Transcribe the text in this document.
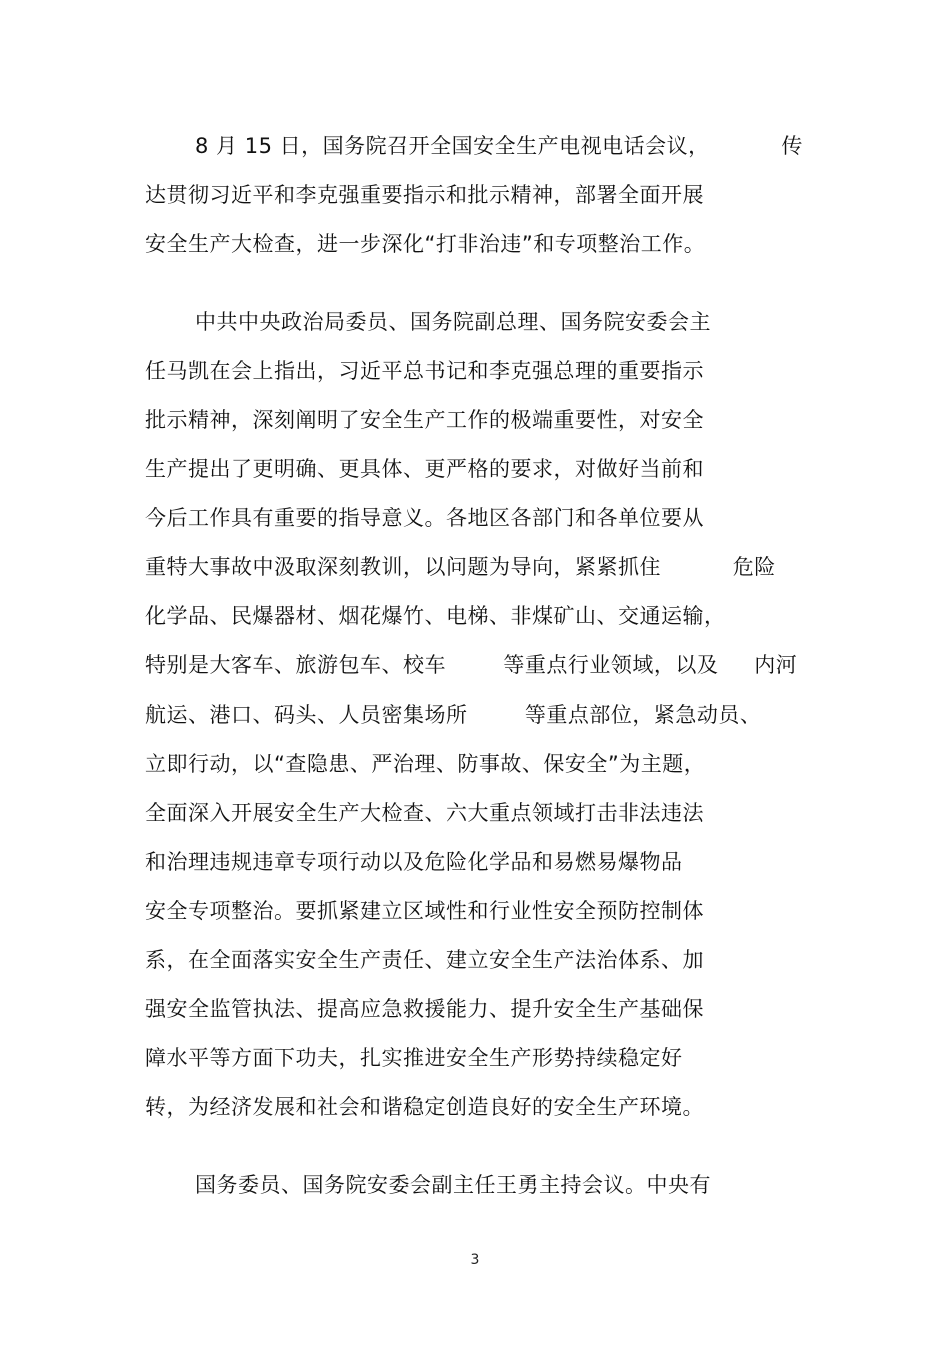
8 月 15 日，国务院召开全国安全生产电视电话会议，          传
达贯彻习近平和李克强重要指示和批示精神，部署全面开展
安全生产大检查，进一步深化“打非治违”和专项整治工作。
中共中央政治局委员、国务院副总理、国务院安委会主
任马凯在会上指出，习近平总书记和李克强总理的重要指示
批示精神，深刻阐明了安全生产工作的极端重要性，对安全
生产提出了更明确、更具体、更严格的要求，对做好当前和
今后工作具有重要的指导意义。各地区各部门和各单位要从
重特大事故中汲取深刻教训，以问题为导向，紧紧抓住          危险
化学品、民爆器材、烟花爆竹、电梯、非煤矿山、交通运输，
特别是大客车、旅游包车、校车        等重点行业领域，以及     内河
航运、港口、码头、人员密集场所        等重点部位，紧急动员、
立即行动，以“查隐患、严治理、防事故、保安全”为主题，
全面深入开展安全生产大检查、六大重点领域打击非法违法
和治理违规违章专项行动以及危险化学品和易燃易爆物品
安全专项整治。要抓紧建立区域性和行业性安全预防控制体
系，在全面落实安全生产责任、建立安全生产法治体系、加
强安全监管执法、提高应急救援能力、提升安全生产基础保
障水平等方面下功夫，扎实推进安全生产形势持续稳定好
转，为经济发展和社会和谐稳定创造良好的安全生产环境。
国务委员、国务院安委会副主任王勇主持会议。中央有
3
